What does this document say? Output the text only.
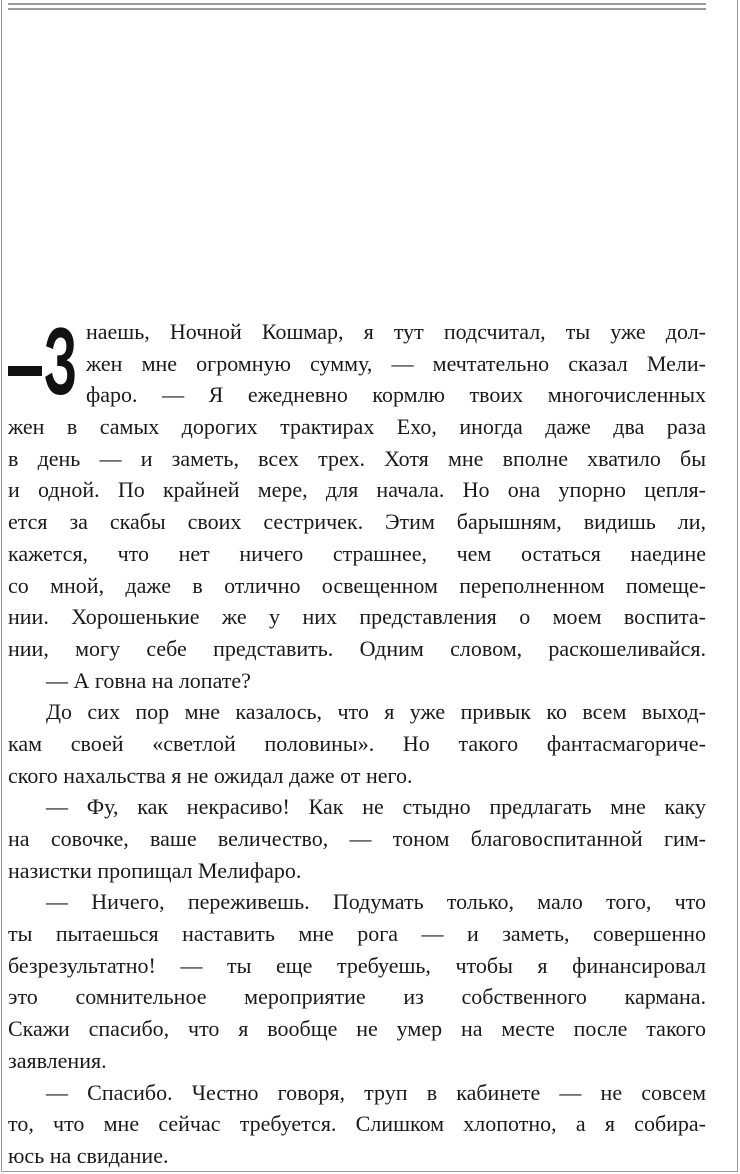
З наешь, Ночной Кошмар, я тут подсчитал, ты уже дол-
жен мне огромную сумму, — мечтательно сказал Мели-
фаро. — Я ежедневно кормлю твоих многочисленных
жен в самых дорогих трактирах Ехо, иногда даже два раза
в день — и заметь, всех трех. Хотя мне вполне хватило бы
и одной. По крайней мере, для начала. Но она упорно цепля-
ется за скабы своих сестричек. Этим барышням, видишь ли,
кажется, что нет ничего страшнее, чем остаться наедине
со мной, даже в отлично освещенном переполненном помеще-
нии. Хорошенькие же у них представления о моем воспита-
нии, могу себе представить. Одним словом, раскошеливайся.
— А говна на лопате?
До сих пор мне казалось, что я уже привык ко всем выход-
кам своей «светлой половины». Но такого фантасмагориче-
ского нахальства я не ожидал даже от него.
— Фу, как некрасиво! Как не стыдно предлагать мне каку
на совочке, ваше величество, — тоном благовоспитанной гим-
назистки пропищал Мелифаро.
— Ничего, переживешь. Подумать только, мало того, что
ты пытаешься наставить мне рога — и заметь, совершенно
безрезультатно! — ты еще требуешь, чтобы я финансировал
это сомнительное мероприятие из собственного кармана.
Скажи спасибо, что я вообще не умер на месте после такого
заявления.
— Спасибо. Честно говоря, труп в кабинете — не совсем
то, что мне сейчас требуется. Слишком хлопотно, а я собира-
юсь на свидание.
